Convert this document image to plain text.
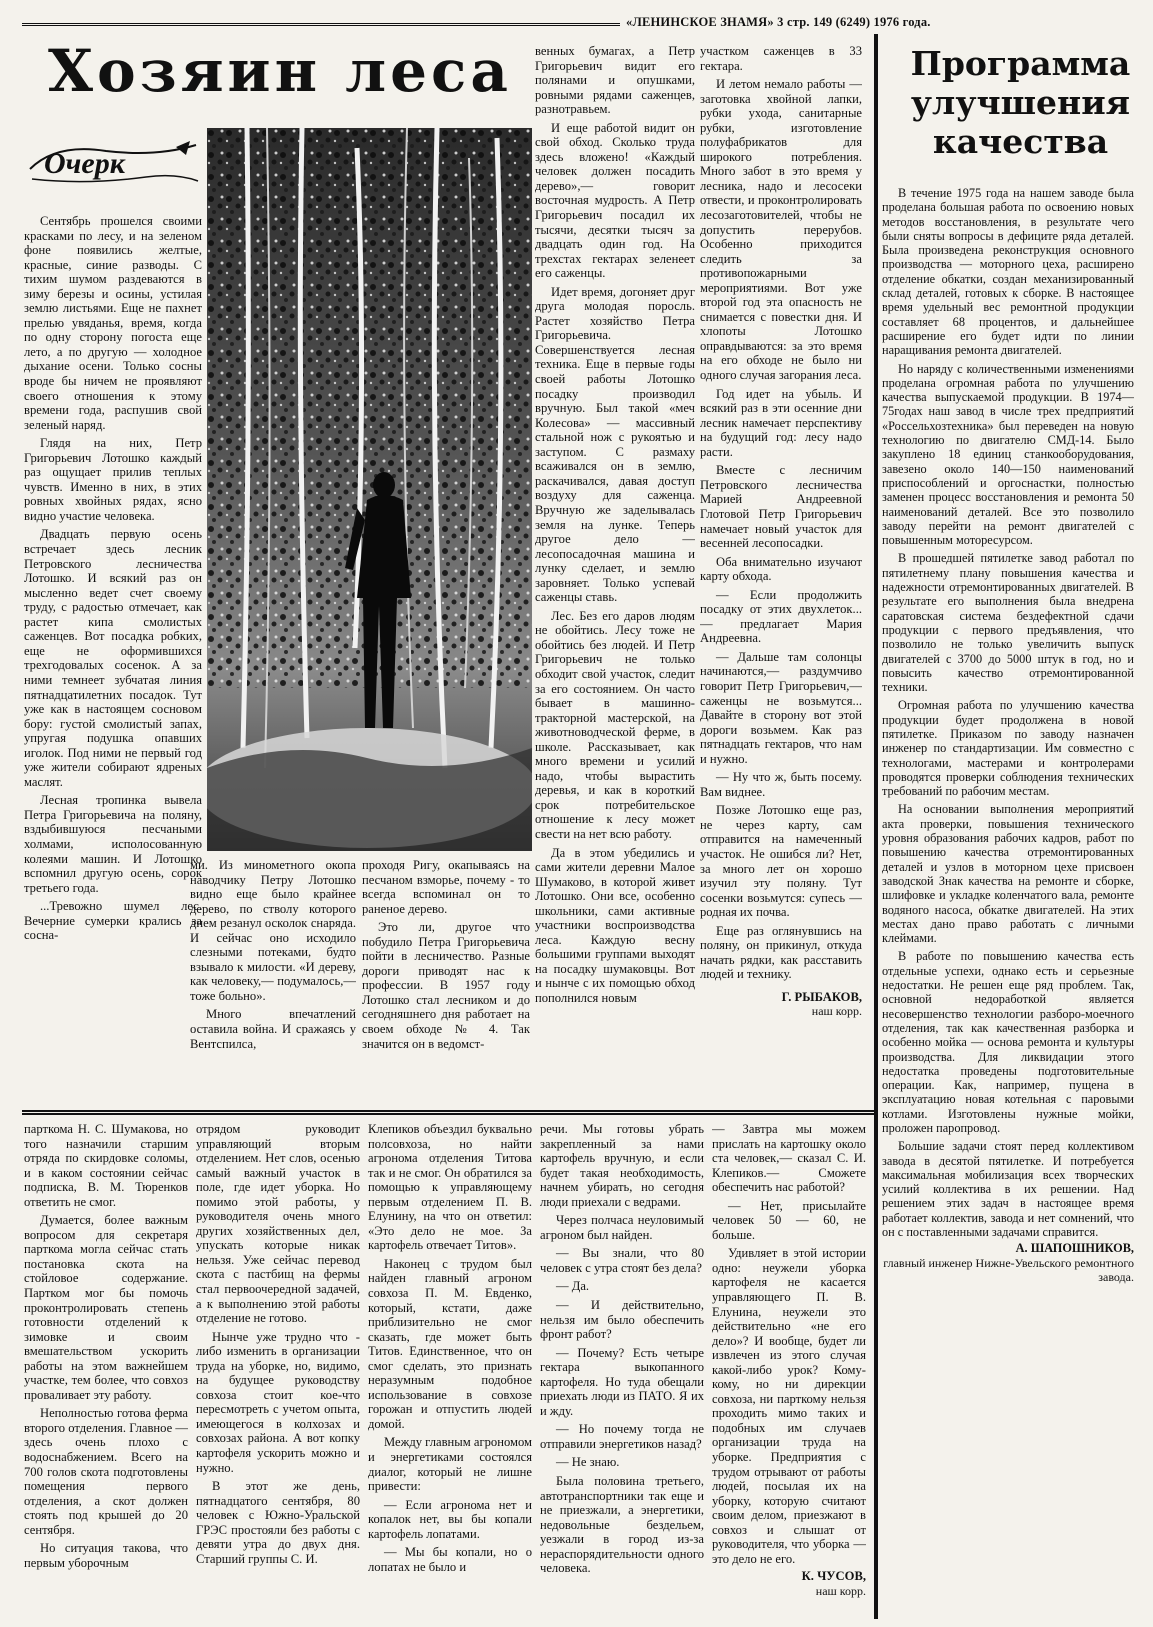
«ЛЕНИНСКОЕ ЗНАМЯ» 3 стр. 149 (6249) 1976 года.
Хозяин леса
Очерк

Сентябрь прошелся своими красками по лесу, и на зеленом фоне появились желтые, красные, синие разводы. С тихим шумом раздеваются в зиму березы и осины, устилая землю листьями. Еще не пахнет прелью увяданья, время, когда по одну сторону погоста еще лето, а по другую — холодное дыхание осени. Только сосны вроде бы ничем не проявляют своего отношения к этому времени года, распушив свой зеленый наряд.

Глядя на них, Петр Григорьевич Лотошко каждый раз ощущает прилив теплых чувств. Именно в них, в этих ровных хвойных рядах, ясно видно участие человека.

Двадцать первую осень встречает здесь лесник Петровского лесничества Лотошко. И всякий раз он мысленно ведет счет своему труду, с радостью отмечает, как растет кипа смолистых саженцев. Вот посадка робких, еще не оформившихся трехгодовалых сосенок. А за ними темнеет зубчатая линия пятнадцатилетних посадок. Тут уже как в настоящем сосновом бору: густой смолистый запах, упругая подушка опавших иголок. Под ними не первый год уже жители собирают ядреных маслят.

Лесная тропинка вывела Петра Григорьевича на поляну, вздыбившуюся песчаными холмами, исполосованную колеями машин. И Лотошко вспомнил другую осень, сорок третьего года.

...Тревожно шумел лес. Вечерние сумерки крались за сосна-

ми. Из минометного окопа наводчику Петру Лотошко видно еще было крайнее дерево, по стволу которого днем резанул осколок снаряда. И сейчас оно исходило слезными потеками, будто взывало к милости. «И дереву, как человеку,— подумалось,— тоже больно».

Много впечатлений оставила война. И сражаясь у Вентспилса,

проходя Ригу, окапываясь на песчаном взморье, почему - то всегда вспоминал он то раненое дерево.

Это ли, другое что побудило Петра Григорьевича пойти в лесничество. Разные дороги приводят нас к профессии. В 1957 году Лотошко стал лесником и до сегодняшнего дня работает на своем обходе № 4. Так значится он в ведомст-

венных бумагах, а Петр Григорьевич видит его полянами и опушками, ровными рядами саженцев, разнотравьем.

И еще работой видит он свой обход. Сколько труда здесь вложено! «Каждый человек должен посадить дерево»,— говорит восточная мудрость. А Петр Григорьевич посадил их тысячи, десятки тысяч за двадцать один год. На трехстах гектарах зеленеет его саженцы.

Идет время, догоняет друг друга молодая поросль. Растет хозяйство Петра Григорьевича. Совершенствуется лесная техника. Еще в первые годы своей работы Лотошко посадку производил вручную. Был такой «меч Колесова» — массивный стальной нож с рукоятью и заступом. С размаху всаживался он в землю, раскачивался, давая доступ воздуху для саженца. Вручную же заделывалась земля на лунке. Теперь другое дело — лесопосадочная машина и лунку сделает, и землю заровняет. Только успевай саженцы ставь.

Лес. Без его даров людям не обойтись. Лесу тоже не обойтись без людей. И Петр Григорьевич не только обходит свой участок, следит за его состоянием. Он часто бывает в машинно-тракторной мастерской, на животноводческой ферме, в школе. Рассказывает, как много времени и усилий надо, чтобы вырастить деревья, и как в короткий срок потребительское отношение к лесу может свести на нет всю работу.

Да в этом убедились и сами жители деревни Малое Шумаково, в которой живет Лотошко. Они все, особенно школьники, сами активные участники воспроизводства леса. Каждую весну большими группами выходят на посадку шумаковцы. Вот и нынче с их помощью обход пополнился новым

участком саженцев в 33 гектара.

И летом немало работы — заготовка хвойной лапки, рубки ухода, санитарные рубки, изготовление полуфабрикатов для широкого потребления. Много забот в это время у лесника, надо и лесосеки отвести, и проконтролировать лесозаготовителей, чтобы не допустить перерубов. Особенно приходится следить за противопожарными мероприятиями. Вот уже второй год эта опасность не снимается с повестки дня. И хлопоты Лотошко оправдываются: за это время на его обходе не было ни одного случая загорания леса.

Год идет на убыль. И всякий раз в эти осенние дни лесник намечает перспективу на будущий год: лесу надо расти.

Вместе с лесничим Петровского лесничества Марией Андреевной Глотовой Петр Григорьевич намечает новый участок для весенней лесопосадки.

Оба внимательно изучают карту обхода.

— Если продолжить посадку от этих двухлеток... — предлагает Мария Андреевна.

— Дальше там солонцы начинаются,— раздумчиво говорит Петр Григорьевич,— саженцы не возьмутся... Давайте в сторону вот этой дороги возьмем. Как раз пятнадцать гектаров, что нам и нужно.

— Ну что ж, быть посему. Вам виднее.

Позже Лотошко еще раз, не через карту, сам отправится на намеченный участок. Не ошибся ли? Нет, за много лет он хорошо изучил эту поляну. Тут сосенки возьмутся: супесь — родная их почва.

Еще раз оглянувшись на поляну, он прикинул, откуда начать рядки, как расставить людей и технику.

Г. РЫБАКОВ,
наш корр.

Программа улучшения качества

В течение 1975 года на нашем заводе была проделана большая работа по освоению новых методов восстановления, в результате чего были сняты вопросы в дефиците ряда деталей. Была произведена реконструкция основного производства — моторного цеха, расширено отделение обкатки, создан механизированный склад деталей, готовых к сборке. В настоящее время удельный вес ремонтной продукции составляет 68 процентов, и дальнейшее расширение его будет идти по линии наращивания ремонта двигателей.

Но наряду с количественными изменениями проделана огромная работа по улучшению качества выпускаемой продукции. В 1974—75годах наш завод в числе трех предприятий «Россельхозтехника» был переведен на новую технологию по двигателю СМД-14. Было закуплено 18 единиц станкооборудования, завезено около 140—150 наименований приспособлений и оргоснастки, полностью заменен процесс восстановления и ремонта 50 наименований деталей. Все это позволило заводу перейти на ремонт двигателей с повышенным моторесурсом.

В прошедшей пятилетке завод работал по пятилетнему плану повышения качества и надежности отремонтированных двигателей. В результате его выполнения была внедрена саратовская система бездефектной сдачи продукции с первого предъявления, что позволило не только увеличить выпуск двигателей с 3700 до 5000 штук в год, но и повысить качество отремонтированной техники.

Огромная работа по улучшению качества продукции будет продолжена в новой пятилетке. Приказом по заводу назначен инженер по стандартизации. Им совместно с технологами, мастерами и контролерами проводятся проверки соблюдения технических требований по рабочим местам.

На основании выполнения мероприятий акта проверки, повышения технического уровня образования рабочих кадров, работ по повышению качества отремонтированных деталей и узлов в моторном цехе присвоен заводской Знак качества на ремонте и сборке, шлифовке и укладке коленчатого вала, ремонте водяного насоса, обкатке двигателей. На этих местах дано право работать с личными клеймами.

В работе по повышению качества есть отдельные успехи, однако есть и серьезные недостатки. Не решен еще ряд проблем. Так, основной недоработкой является несовершенство технологии разборо-моечного отделения, так как качественная разборка и особенно мойка — основа ремонта и культуры производства. Для ликвидации этого недостатка проведены подготовительные операции. Как, например, пущена в эксплуатацию новая котельная с паровыми котлами. Изготовлены нужные мойки, проложен паропровод.

Большие задачи стоят перед коллективом завода в десятой пятилетке. И потребуется максимальная мобилизация всех творческих усилий коллектива в их решении. Над решением этих задач в настоящее время работает коллектив, завода и нет сомнений, что он с поставленными задачами справится.

А. ШАПОШНИКОВ,
главный инженер Нижне-Увельского ремонтного завода.

парткома Н. С. Шумакова, но того назначили старшим отряда по скирдовке соломы, и в каком состоянии сейчас подписка, В. М. Тюренков ответить не смог.

Думается, более важным вопросом для секретаря парткома могла сейчас стать постановка скота на стойловое содержание. Партком мог бы помочь проконтролировать степень готовности отделений к зимовке и своим вмешательством ускорить работы на этом важнейшем участке, тем более, что совхоз проваливает эту работу.

Неполностью готова ферма второго отделения. Главное — здесь очень плохо с водоснабжением. Всего на 700 голов скота подготовлены помещения первого отделения, а скот должен стоять под крышей до 20 сентября.

Но ситуация такова, что первым уборочным

отрядом руководит управляющий вторым отделением. Нет слов, осенью самый важный участок в поле, где идет уборка. Но помимо этой работы, у руководителя очень много других хозяйственных дел, упускать которые никак нельзя. Уже сейчас перевод скота с пастбищ на фермы стал первоочередной задачей, а к выполнению этой работы отделение не готово.

Нынче уже трудно что - либо изменить в организации труда на уборке, но, видимо, на будущее руководству совхоза стоит кое-что пересмотреть с учетом опыта, имеющегося в колхозах и совхозах района. А вот копку картофеля ускорить можно и нужно.

В этот же день, пятнадцатого сентября, 80 человек с Южно-Уральской ГРЭС простояли без работы с девяти утра до двух дня. Старший группы С. И.

Клепиков объездил буквально полсовхоза, но найти агронома отделения Титова так и не смог. Он обратился за помощью к управляющему первым отделением П. В. Елунину, на что он ответил: «Это дело не мое. За картофель отвечает Титов».

Наконец с трудом был найден главный агроном совхоза П. М. Евденко, который, кстати, даже приблизительно не смог сказать, где может быть Титов. Единственное, что он смог сделать, это признать неразумным подобное использование в совхозе горожан и отпустить людей домой.

Между главным агрономом и энергетиками состоялся диалог, который не лишне привести:

— Если агронома нет и копалок нет, вы бы копали картофель лопатами.

— Мы бы копали, но о лопатах не было и

речи. Мы готовы убрать закрепленный за нами картофель вручную, и если будет такая необходимость, начнем убирать, но сегодня люди приехали с ведрами.

Через полчаса неуловимый агроном был найден.

— Вы знали, что 80 человек с утра стоят без дела?

— Да.

— И действительно, нельзя им было обеспечить фронт работ?

— Почему? Есть четыре гектара выкопанного картофеля. Но туда обещали приехать люди из ПАТО. Я их и жду.

— Но почему тогда не отправили энергетиков назад?

— Не знаю.

Была половина третьего, автотранспортники так еще и не приезжали, а энергетики, недовольные бездельем, уезжали в город из-за нераспорядительности одного человека.

— Завтра мы можем прислать на картошку около ста человек,— сказал С. И. Клепиков.— Сможете обеспечить нас работой?

— Нет, присылайте человек 50 — 60, не больше.

Удивляет в этой истории одно: неужели уборка картофеля не касается управляющего П. В. Елунина, неужели это действительно «не его дело»? И вообще, будет ли извлечен из этого случая какой-либо урок? Кому-кому, но ни дирекции совхоза, ни парткому нельзя проходить мимо таких и подобных им случаев организации труда на уборке. Предприятия с трудом отрывают от работы людей, посылая их на уборку, которую считают своим делом, приезжают в совхоз и слышат от руководителя, что уборка — это дело не его.

К. ЧУСОВ,
наш корр.
